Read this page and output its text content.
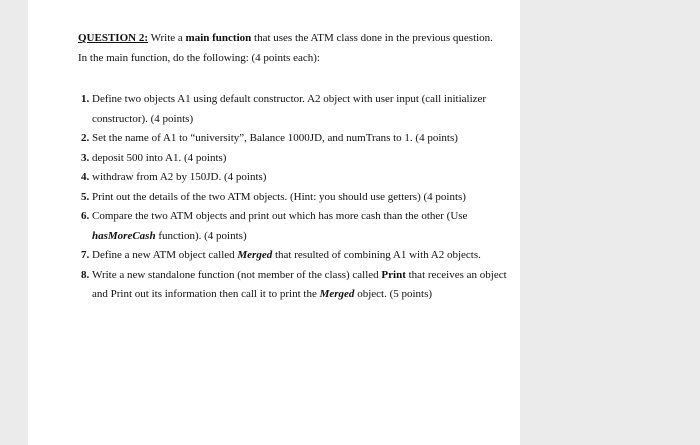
QUESTION 2: Write a main function that uses the ATM class done in the previous question. In the main function, do the following: (4 points each):
1. Define two objects A1 using default constructor. A2 object with user input (call initializer constructor). (4 points)
2. Set the name of A1 to “university”, Balance 1000JD, and numTrans to 1. (4 points)
3. deposit 500 into A1. (4 points)
4. withdraw from A2 by 150JD. (4 points)
5. Print out the details of the two ATM objects. (Hint: you should use getters) (4 points)
6. Compare the two ATM objects and print out which has more cash than the other (Use hasMoreCash function). (4 points)
7. Define a new ATM object called Merged that resulted of combining A1 with A2 objects.
8. Write a new standalone function (not member of the class) called Print that receives an object and Print out its information then call it to print the Merged object. (5 points)
